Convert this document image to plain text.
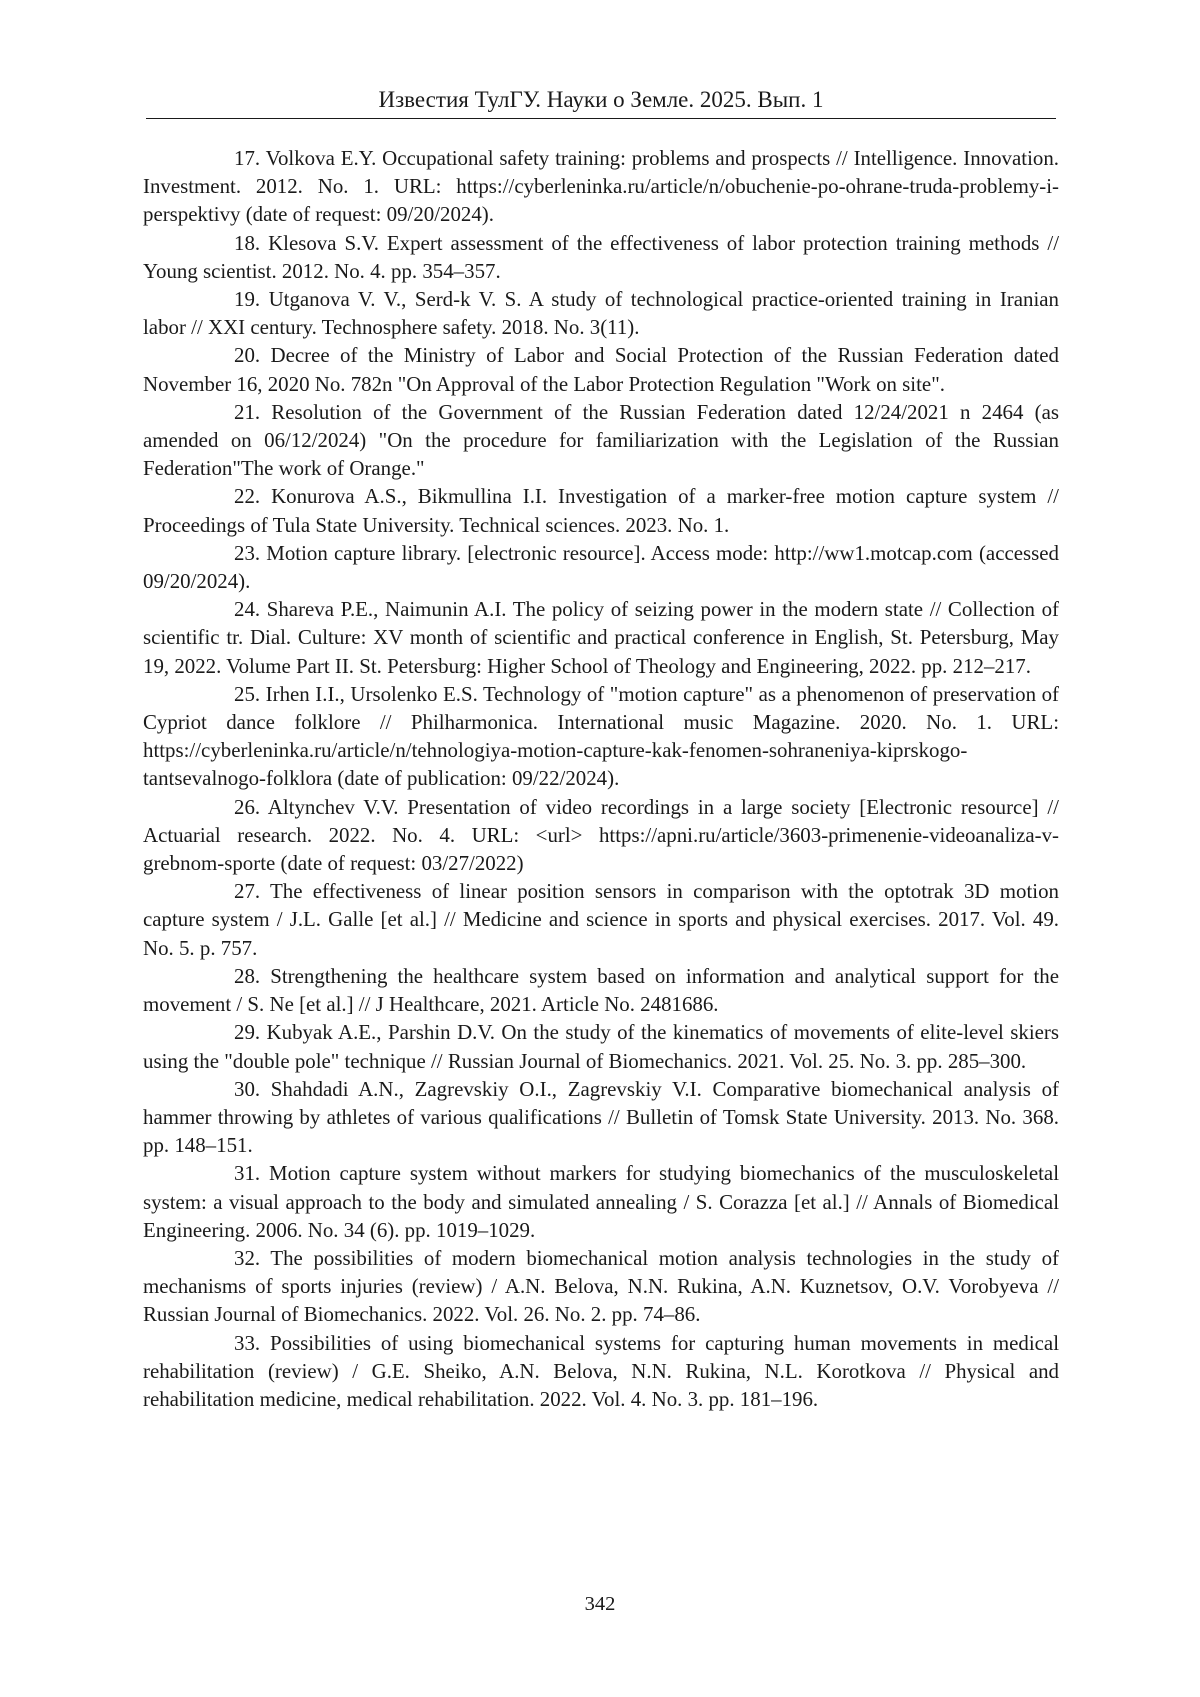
Известия ТулГУ. Науки о Земле. 2025. Вып. 1

17. Volkova E.Y. Occupational safety training: problems and prospects // Intelligence. Innovation. Investment. 2012. No. 1. URL: https://cyberleninka.ru/article/n/​obuchenie-po-ohrane-truda-problemy-i-perspektivy (date of request: 09/20/2024).

18. Klesova S.V. Expert assessment of the effectiveness of labor protection training methods // Young scientist. 2012. No. 4. pp. 354–357.

19. Utganova V. V., Serd-k V. S. A study of technological practice-oriented training in Iranian labor // XXI century. Technosphere safety. 2018. No. 3(11).

20. Decree of the Ministry of Labor and Social Protection of the Russian Federation dated November 16, 2020 No. 782n "On Approval of the Labor Protection Regulation "Work on site".

21. Resolution of the Government of the Russian Federation dated 12/24/2021 n 2464 (as amended on 06/12/2024) "On the procedure for familiarization with the Legislation of the Russian Federation"The work of Orange."

22. Konurova A.S., Bikmullina I.I. Investigation of a marker-free motion capture system // Proceedings of Tula State University. Technical sciences. 2023. No. 1.

23. Motion capture library. [electronic resource]. Access mode: http://ww1.motcap.com (accessed 09/20/2024).

24. Shareva P.E., Naimunin A.I. The policy of seizing power in the modern state // Collection of scientific tr. Dial. Culture: XV month of scientific and practical conference in English, St. Petersburg, May 19, 2022. Volume Part II. St. Petersburg: Higher School of Theology and Engineering, 2022. pp. 212–217.

25. Irhen I.I., Ursolenko E.S. Technology of "motion capture" as a phenomenon of preservation of Cypriot dance folklore // Philharmonica. International music Magazine. 2020. No. 1. URL: https://cyberleninka.ru/article/n/tehnologiya-motion-capture-kak-​fenomen-sohraneniya-kiprskogo-tantsevalnogo-folklora (date of publication: 09/22/2024).

26. Altynchev V.V. Presentation of video recordings in a large society [Electronic resource] // Actuarial research. 2022. No. 4. URL: <url> https://apni.ru/article/3603-​primenenie-videoanaliza-v-grebnom-sporte (date of request: 03/27/2022)

27. The effectiveness of linear position sensors in comparison with the optotrak 3D motion capture system / J.L. Galle [et al.] // Medicine and science in sports and physical exercises. 2017. Vol. 49. No. 5. p. 757.

28. Strengthening the healthcare system based on information and analytical support for the movement / S. Ne [et al.] // J Healthcare, 2021. Article No. 2481686.

29. Kubyak A.E., Parshin D.V. On the study of the kinematics of movements of elite-level skiers using the "double pole" technique // Russian Journal of Biomechanics. 2021. Vol. 25. No. 3. pp. 285–300.

30. Shahdadi A.N., Zagrevskiy O.I., Zagrevskiy V.I. Comparative biomechanical analysis of hammer throwing by athletes of various qualifications // Bulletin of Tomsk State University. 2013. No. 368. pp. 148–151.

31. Motion capture system without markers for studying biomechanics of the musculoskeletal system: a visual approach to the body and simulated annealing / S. Corazza [et al.] // Annals of Biomedical Engineering. 2006. No. 34 (6). pp. 1019–1029.

32. The possibilities of modern biomechanical motion analysis technologies in the study of mechanisms of sports injuries (review) / A.N. Belova, N.N. Rukina, A.N. Kuznetsov, O.V. Vorobyeva // Russian Journal of Biomechanics. 2022. Vol. 26. No. 2. pp. 74–86.

33. Possibilities of using biomechanical systems for capturing human movements in medical rehabilitation (review) / G.E. Sheiko, A.N. Belova, N.N. Rukina, N.L. Korotkova // Physical and rehabilitation medicine, medical rehabilitation. 2022. Vol. 4. No. 3. pp. 181–196.

342
